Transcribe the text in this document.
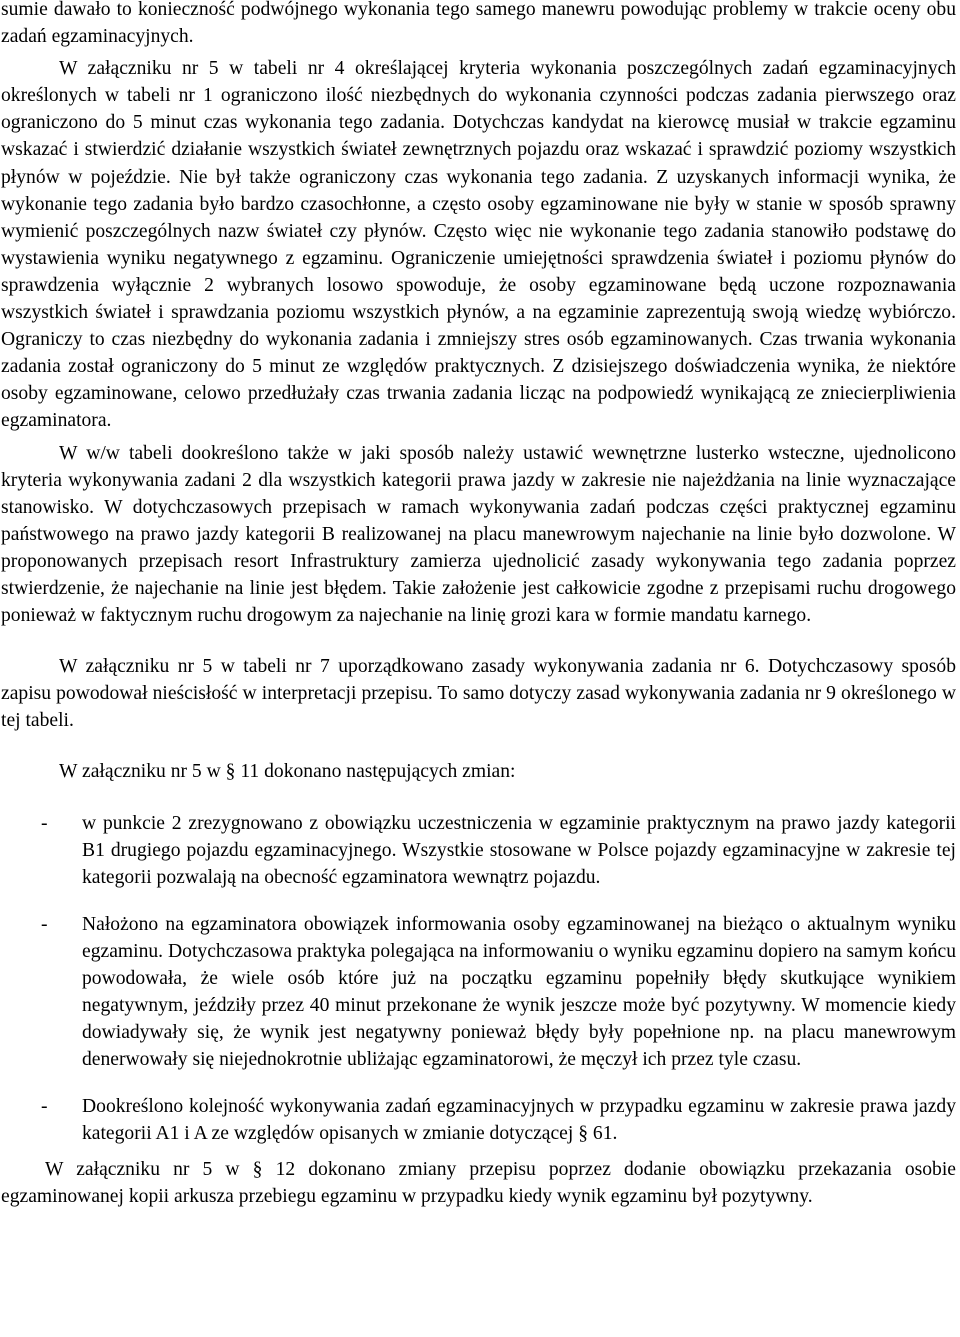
sumie dawało to konieczność podwójnego wykonania tego samego manewru powodując problemy w trakcie oceny obu zadań egzaminacyjnych.

W załączniku nr 5 w tabeli nr 4 określającej kryteria wykonania poszczególnych zadań egzaminacyjnych określonych w tabeli nr 1 ograniczono ilość niezbędnych do wykonania czynności podczas zadania pierwszego oraz ograniczono do 5 minut czas wykonania tego zadania. Dotychczas kandydat na kierowcę musiał w trakcie egzaminu wskazać i stwierdzić działanie wszystkich świateł zewnętrznych pojazdu oraz wskazać i sprawdzić poziomy wszystkich płynów w pojeździe. Nie był także ograniczony czas wykonania tego zadania. Z uzyskanych informacji wynika, że wykonanie tego zadania było bardzo czasochłonne, a często osoby egzaminowane nie były w stanie w sposób sprawny wymienić poszczególnych nazw świateł czy płynów. Często więc nie wykonanie tego zadania stanowiło podstawę do wystawienia wyniku negatywnego z egzaminu. Ograniczenie umiejętności sprawdzenia świateł i poziomu płynów do sprawdzenia wyłącznie 2 wybranych losowo spowoduje, że osoby egzaminowane będą uczone rozpoznawania wszystkich świateł i sprawdzania poziomu wszystkich płynów, a na egzaminie zaprezentują swoją wiedzę wybiórczo. Ograniczy to czas niezbędny do wykonania zadania i zmniejszy stres osób egzaminowanych. Czas trwania wykonania zadania został ograniczony do 5 minut ze względów praktycznych. Z dzisiejszego doświadczenia wynika, że niektóre osoby egzaminowane, celowo przedłużały czas trwania zadania licząc na podpowiedź wynikającą ze zniecierpliwienia egzaminatora.

W w/w tabeli dookreślono także w jaki sposób należy ustawić wewnętrzne lusterko wsteczne, ujednolicono kryteria wykonywania zadani 2 dla wszystkich kategorii prawa jazdy w zakresie nie najeżdżania na linie wyznaczające stanowisko. W dotychczasowych przepisach w ramach wykonywania zadań podczas części praktycznej egzaminu państwowego na prawo jazdy kategorii B realizowanej na placu manewrowym najechanie na linie było dozwolone. W proponowanych przepisach resort Infrastruktury zamierza ujednolicić zasady wykonywania tego zadania poprzez stwierdzenie, że najechanie na linie jest błędem. Takie założenie jest całkowicie zgodne z przepisami ruchu drogowego ponieważ w faktycznym ruchu drogowym za najechanie na linię grozi kara w formie mandatu karnego.

W załączniku nr 5 w tabeli nr 7 uporządkowano zasady wykonywania zadania nr 6. Dotychczasowy sposób zapisu powodował nieścisłość w interpretacji przepisu. To samo dotyczy zasad wykonywania zadania nr 9 określonego w tej tabeli.

W załączniku nr 5 w § 11 dokonano następujących zmian:

- w punkcie 2 zrezygnowano z obowiązku uczestniczenia w egzaminie praktycznym na prawo jazdy kategorii B1 drugiego pojazdu egzaminacyjnego. Wszystkie stosowane w Polsce pojazdy egzaminacyjne w zakresie tej kategorii pozwalają na obecność egzaminatora wewnątrz pojazdu.
- Nałożono na egzaminatora obowiązek informowania osoby egzaminowanej na bieżąco o aktualnym wyniku egzaminu. Dotychczasowa praktyka polegająca na informowaniu o wyniku egzaminu dopiero na samym końcu powodowała, że wiele osób które już na początku egzaminu popełniły błędy skutkujące wynikiem negatywnym, jeździły przez 40 minut przekonane że wynik jeszcze może być pozytywny. W momencie kiedy dowiadywały się, że wynik jest negatywny ponieważ błędy były popełnione np. na placu manewrowym denerwowały się niejednokrotnie ubliżając egzaminatorowi, że męczył ich przez tyle czasu.
- Dookreślono kolejność wykonywania zadań egzaminacyjnych w przypadku egzaminu w zakresie prawa jazdy kategorii A1 i A ze względów opisanych w zmianie dotyczącej § 61.

W załączniku nr 5 w § 12 dokonano zmiany przepisu poprzez dodanie obowiązku przekazania osobie egzaminowanej kopii arkusza przebiegu egzaminu w przypadku kiedy wynik egzaminu był pozytywny.
